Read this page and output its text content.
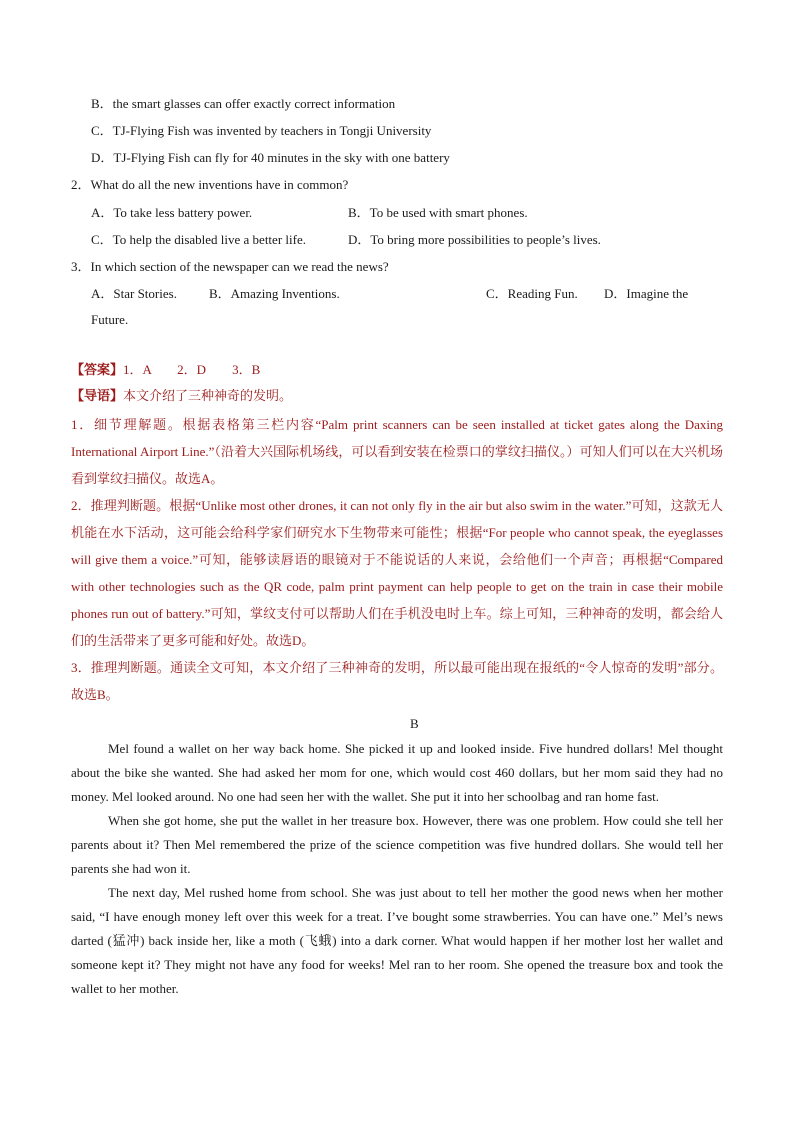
B．the smart glasses can offer exactly correct information
C．TJ-Flying Fish was invented by teachers in Tongji University
D．TJ-Flying Fish can fly for 40 minutes in the sky with one battery
2．What do all the new inventions have in common?
A．To take less battery power.	B．To be used with smart phones.
C．To help the disabled live a better life.	D．To bring more possibilities to people’s lives.
3．In which section of the newspaper can we read the news?
A．Star Stories. B．Amazing Inventions.	C．Reading Fun. D．Imagine the
Future.
【答案】1．A　　2．D　　3．B
【导语】本文介绍了三种神奇的发明。

1．细节理解题。根据表格第三栏内容“Palm print scanners can be seen installed at ticket gates along the Daxing International Airport Line.”（沿着大兴国际机场线，可以看到安装在检票口的掌纹扫描仪。）可知人们可以在大兴机场看到掌纹扫描仪。故选A。

2．推理判断题。根据“Unlike most other drones, it can not only fly in the air but also swim in the water.”可知，这款无人机能在水下活动，这可能会给科学家们研究水下生物带来可能性；根据“For people who cannot speak, the eyeglasses will give them a voice.”可知，能够读唇语的眼镜对于不能说话的人来说，会给他们一个声音；再根据“Compared with other technologies such as the QR code, palm print payment can help people to get on the train in case their mobile phones run out of battery.”可知，掌纹支付可以帮助人们在手机没电时上车。综上可知，三种神奇的发明，都会给人们的生活带来了更多可能和好处。故选D。

3．推理判断题。通读全文可知，本文介绍了三种神奇的发明，所以最可能出现在报纸的“令人惊奇的发明”部分。故选B。

B

Mel found a wallet on her way back home. She picked it up and looked inside. Five hundred dollars! Mel thought about the bike she wanted. She had asked her mom for one, which would cost 460 dollars, but her mom said they had no money. Mel looked around. No one had seen her with the wallet. She put it into her schoolbag and ran home fast.

When she got home, she put the wallet in her treasure box. However, there was one problem. How could she tell her parents about it? Then Mel remembered the prize of the science competition was five hundred dollars. She would tell her parents she had won it.

The next day, Mel rushed home from school. She was just about to tell her mother the good news when her mother said, “I have enough money left over this week for a treat. I’ve bought some strawberries. You can have one.” Mel’s news darted (猛冲) back inside her, like a moth (飞蛾) into a dark corner. What would happen if her mother lost her wallet and someone kept it? They might not have any food for weeks! Mel ran to her room. She opened the treasure box and took the wallet to her mother.
